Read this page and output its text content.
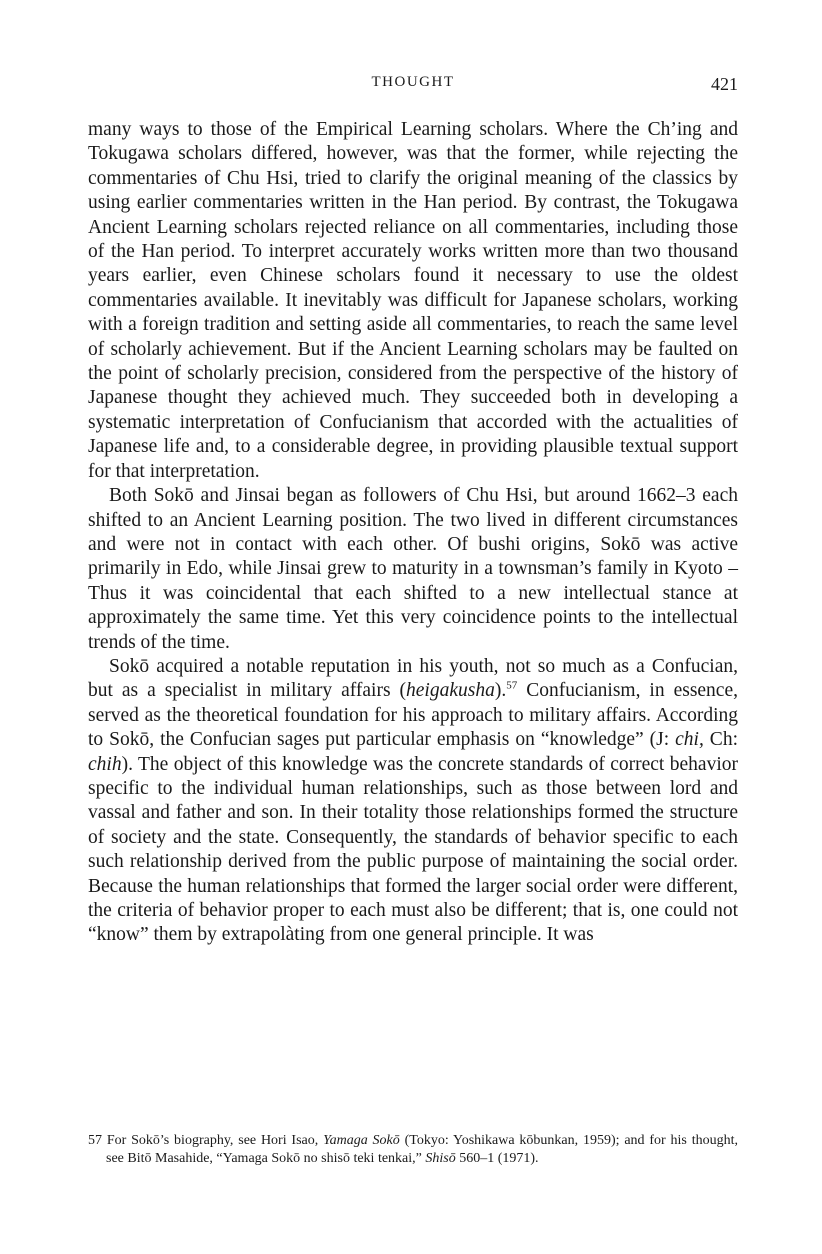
THOUGHT	421

many ways to those of the Empirical Learning scholars. Where the Ch’ing and Tokugawa scholars differed, however, was that the former, while rejecting the commentaries of Chu Hsi, tried to clarify the original meaning of the classics by using earlier commentaries written in the Han period. By contrast, the Tokugawa Ancient Learning scholars rejected reliance on all commentaries, including those of the Han period. To interpret accurately works written more than two thousand years earlier, even Chinese scholars found it necessary to use the oldest commentaries available. It inevitably was difficult for Japanese scholars, working with a foreign tradition and setting aside all commentaries, to reach the same level of scholarly achievement. But if the Ancient Learning scholars may be faulted on the point of scholarly precision, considered from the perspective of the history of Japanese thought they achieved much. They succeeded both in developing a systematic interpretation of Confucianism that accorded with the actualities of Japanese life and, to a considerable degree, in providing plausible textual support for that interpretation.

Both Sokō and Jinsai began as followers of Chu Hsi, but around 1662–3 each shifted to an Ancient Learning position. The two lived in different circumstances and were not in contact with each other. Of bushi origins, Sokō was active primarily in Edo, while Jinsai grew to maturity in a townsman’s family in Kyoto – Thus it was coincidental that each shifted to a new intellectual stance at approximately the same time. Yet this very coincidence points to the intellectual trends of the time.

Sokō acquired a notable reputation in his youth, not so much as a Confucian, but as a specialist in military affairs (heigakusha).$^{57}$ Confucianism, in essence, served as the theoretical foundation for his approach to military affairs. According to Sokō, the Confucian sages put particular emphasis on “knowledge” (J: chi, Ch: chih). The object of this knowledge was the concrete standards of correct behavior specific to the individual human relationships, such as those between lord and vassal and father and son. In their totality those relationships formed the structure of society and the state. Consequently, the standards of behavior specific to each such relationship derived from the public purpose of maintaining the social order. Because the human relationships that formed the larger social order were different, the criteria of behavior proper to each must also be different; that is, one could not “know” them by extrapolàting from one general principle. It was

57 For Sokō’s biography, see Hori Isao, Yamaga Sokō (Tokyo: Yoshikawa kōbunkan, 1959); and for his thought, see Bitō Masahide, “Yamaga Sokō no shisō teki tenkai,” Shisō 560–1 (1971).
